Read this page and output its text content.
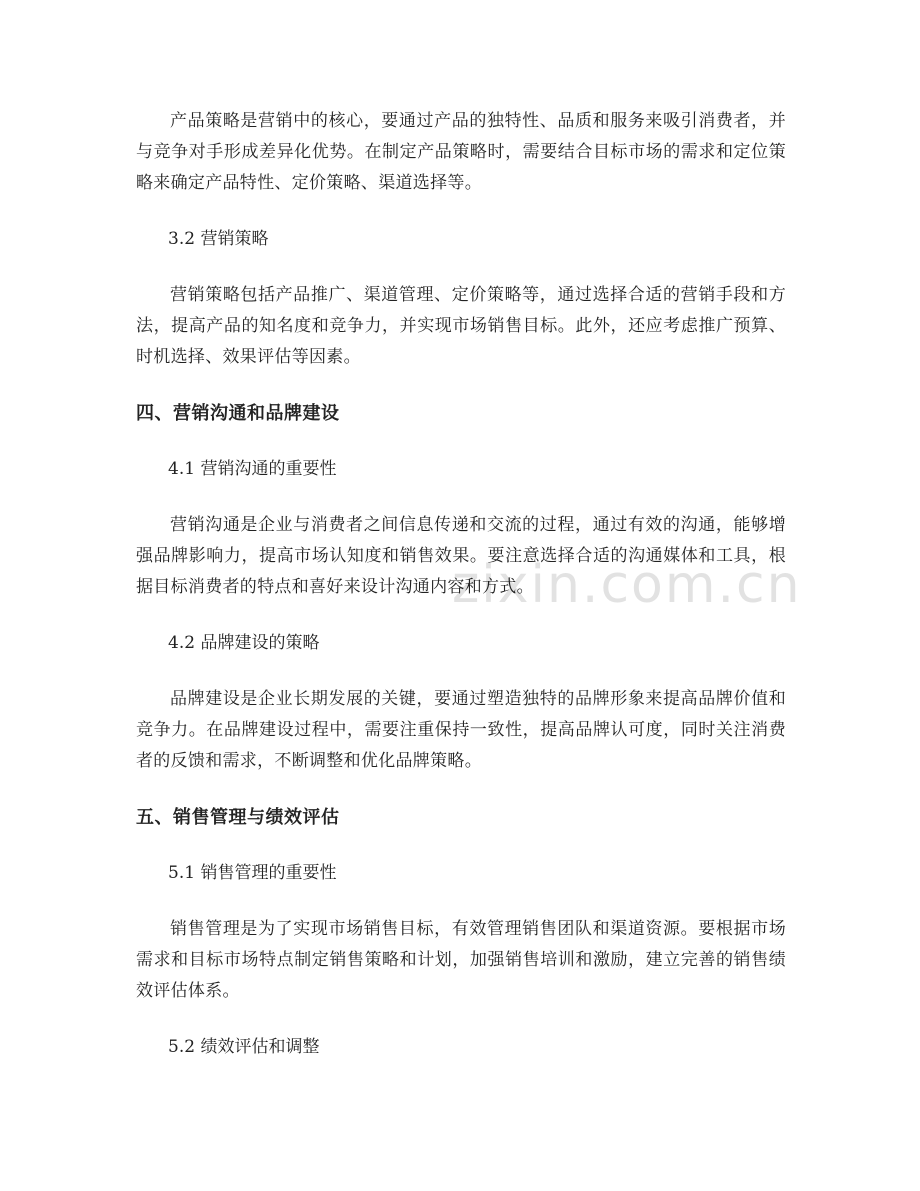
zixin.com.cn

产品策略是营销中的核心，要通过产品的独特性、品质和服务来吸引消费者，并与竞争对手形成差异化优势。在制定产品策略时，需要结合目标市场的需求和定位策略来确定产品特性、定价策略、渠道选择等。

3.2 营销策略

营销策略包括产品推广、渠道管理、定价策略等，通过选择合适的营销手段和方法，提高产品的知名度和竞争力，并实现市场销售目标。此外，还应考虑推广预算、时机选择、效果评估等因素。

四、营销沟通和品牌建设

4.1 营销沟通的重要性

营销沟通是企业与消费者之间信息传递和交流的过程，通过有效的沟通，能够增强品牌影响力，提高市场认知度和销售效果。要注意选择合适的沟通媒体和工具，根据目标消费者的特点和喜好来设计沟通内容和方式。

4.2 品牌建设的策略

品牌建设是企业长期发展的关键，要通过塑造独特的品牌形象来提高品牌价值和竞争力。在品牌建设过程中，需要注重保持一致性，提高品牌认可度，同时关注消费者的反馈和需求，不断调整和优化品牌策略。

五、销售管理与绩效评估

5.1 销售管理的重要性

销售管理是为了实现市场销售目标，有效管理销售团队和渠道资源。要根据市场需求和目标市场特点制定销售策略和计划，加强销售培训和激励，建立完善的销售绩效评估体系。

5.2 绩效评估和调整
